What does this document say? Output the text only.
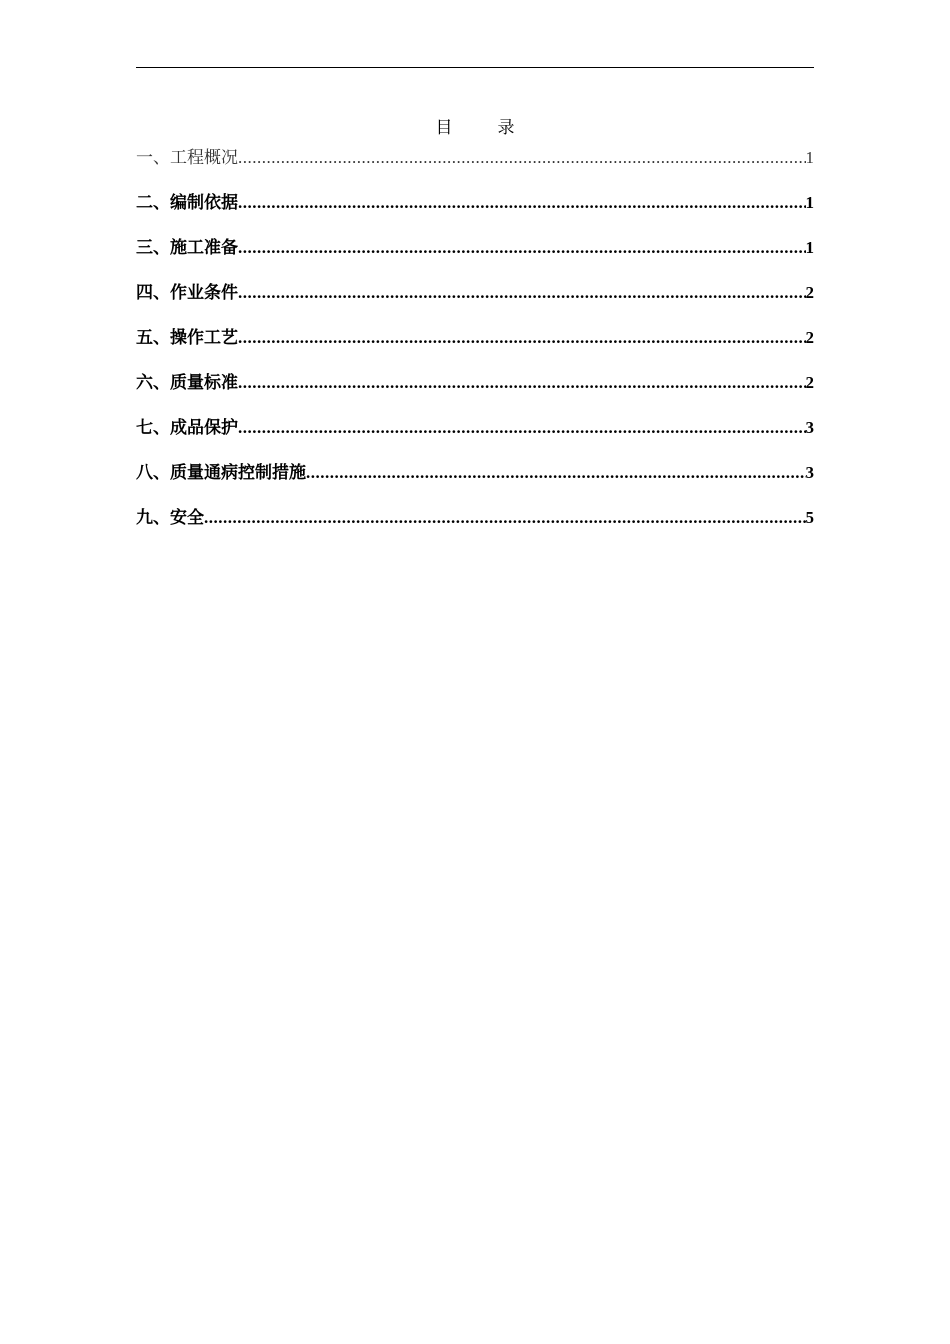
目　录
一、工程概况 .....	1
二、编制依据 .....	1
三、施工准备 .....	1
四、作业条件 .....	2
五、操作工艺 .....	2
六、质量标准 .....	2
七、成品保护 .....	3
八、质量通病控制措施 .....	3
九、安全 .....	5
